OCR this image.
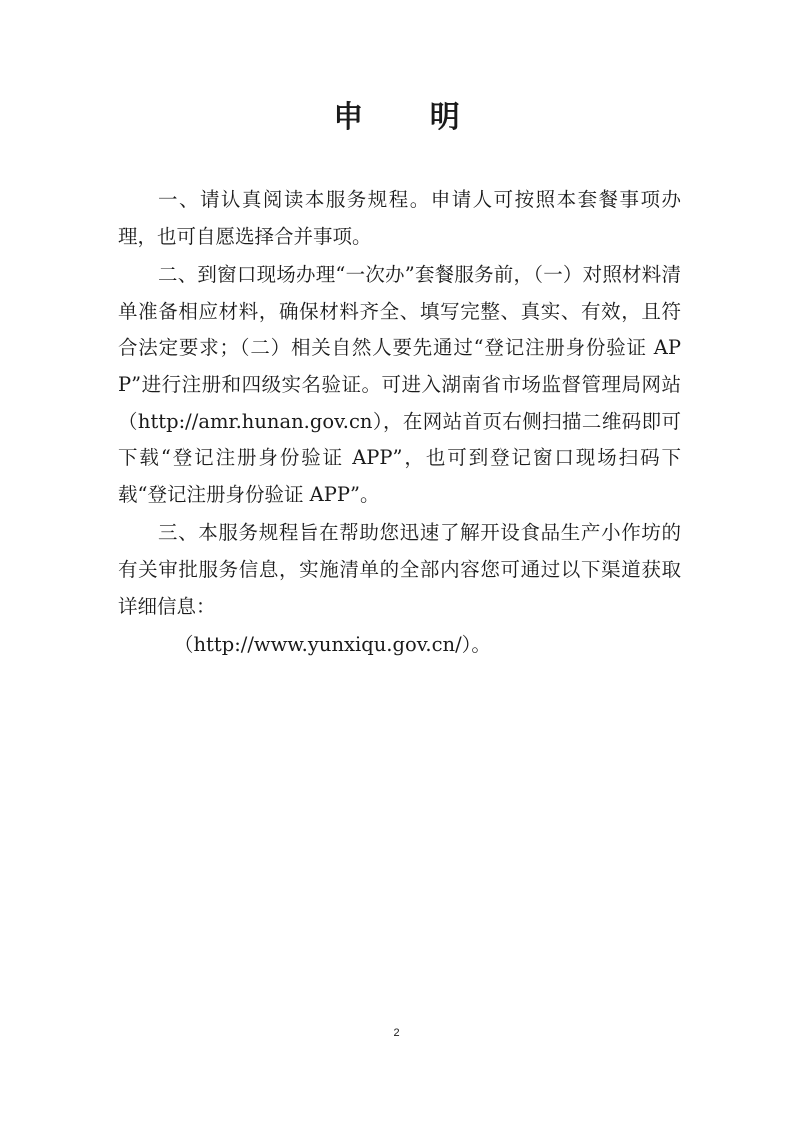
申 明

一、请认真阅读本服务规程。申请人可按照本套餐事项办理，也可自愿选择合并事项。

二、到窗口现场办理“一次办”套餐服务前，（一）对照材料清单准备相应材料，确保材料齐全、填写完整、真实、有效，且符合法定要求；（二）相关自然人要先通过“登记注册身份验证 APP”进行注册和四级实名验证。可进入湖南省市场监督管理局网站（http://amr.hunan.gov.cn），在网站首页右侧扫描二维码即可下载“登记注册身份验证 APP”，也可到登记窗口现场扫码下载“登记注册身份验证 APP”。

三、本服务规程旨在帮助您迅速了解开设食品生产小作坊的有关审批服务信息，实施清单的全部内容您可通过以下渠道获取详细信息：

（http://www.yunxiqu.gov.cn/）。

2
